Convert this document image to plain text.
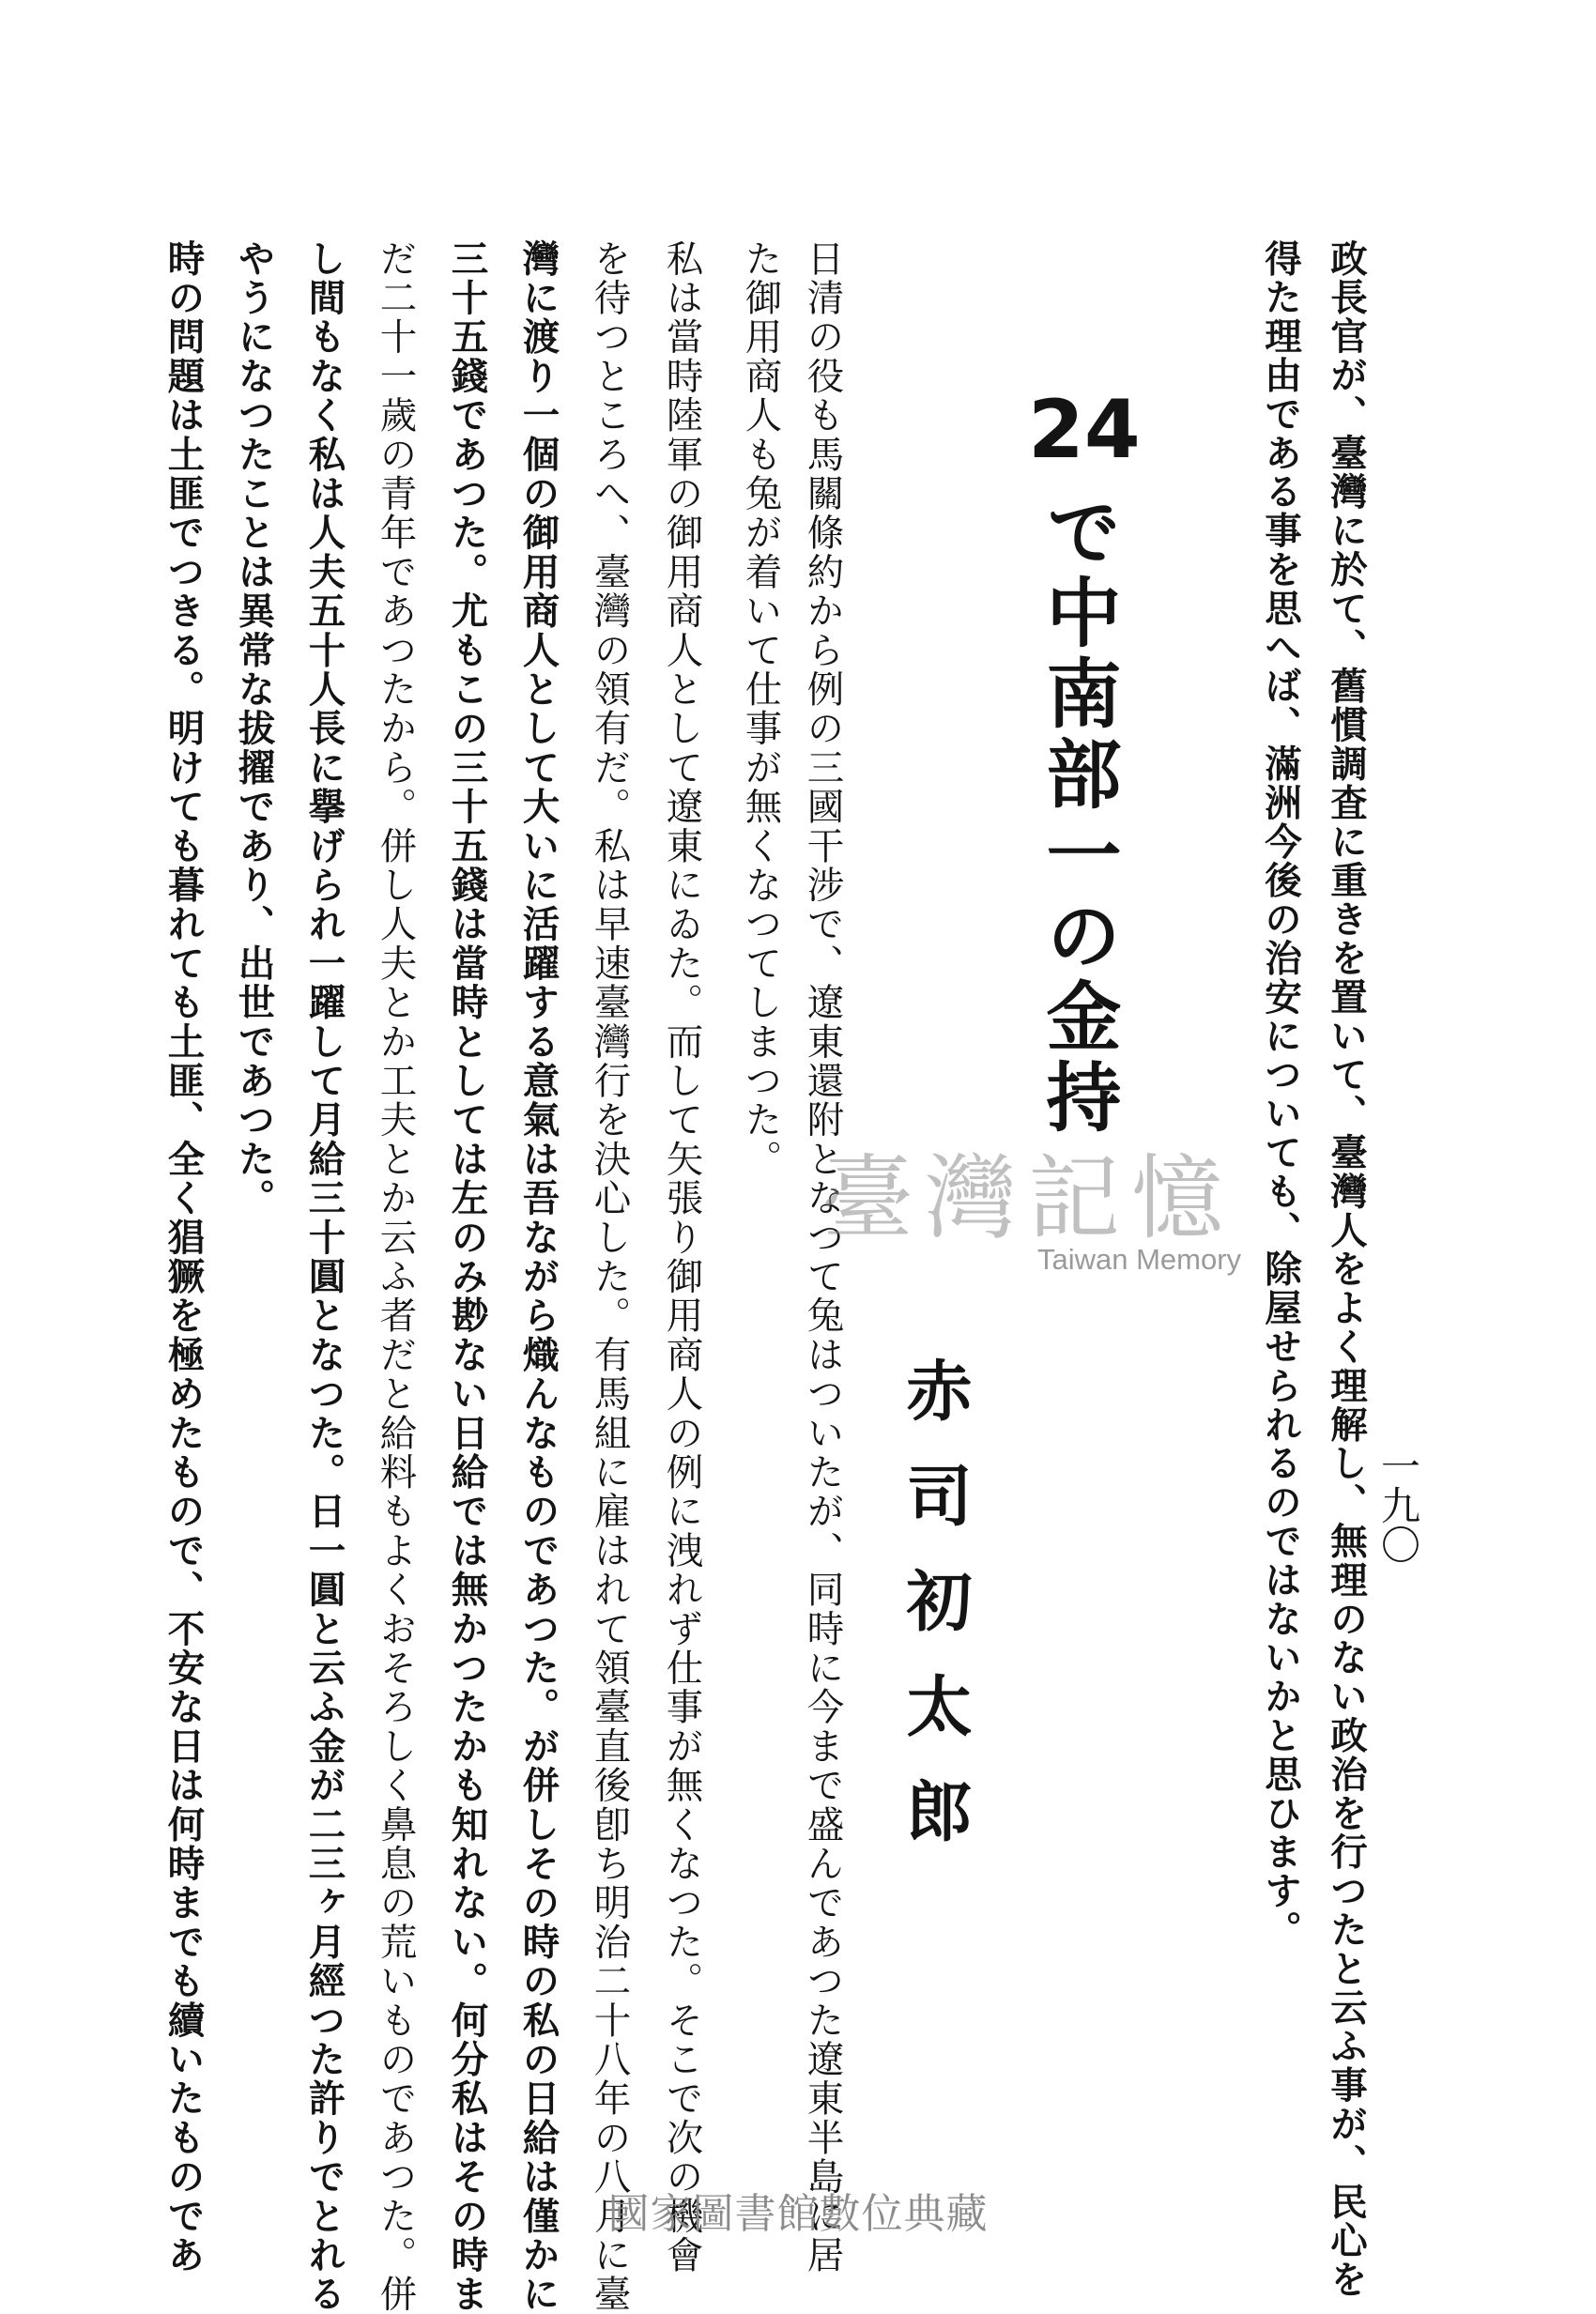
政長官が、臺灣に於て、舊慣調査に重きを置いて、臺灣人をよく理解し、無理のない政治を行つたと云ふ事が、民心を
得た理由である事を思へば、滿洲今後の治安についても、除屋せられるのではないかと思ひます。 一九〇
24
で中南部一の金持
赤司初太郎
日清の役も馬關條約から例の三國干涉で、遼東還附となつて兔はついたが、同時に今まで盛んであつた遼東半島に居
た御用商人も兔が着いて仕事が無くなつてしまつた。
私は當時陸軍の御用商人として遼東にゐた。而して矢張り御用商人の例に洩れず仕事が無くなつた。そこで次の機會
を待つところへ、臺灣の領有だ。私は早速臺灣行を決心した。有馬組に雇はれて領臺直後卽ち明治二十八年の八月に臺
灣に渡り一個の御用商人として大いに活躍する意氣は吾ながら熾んなものであつた。が併しその時の私の日給は僅かに
三十五錢であつた。尤もこの三十五錢は當時としては左のみ尠ない日給では無かつたかも知れない。何分私はその時ま
だ二十一歲の青年であつたから。併し人夫とか工夫とか云ふ者だと給料もよくおそろしく鼻息の荒いものであつた。併
し間もなく私は人夫五十人長に擧げられ一躍して月給三十圓となつた。日一圓と云ふ金が二三ヶ月經つた許りでとれる
やうになつたことは異常な拔擢であり、出世であつた。
時の問題は土匪でつきる。明けても暮れても土匪、全く猖獗を極めたもので、不安な日は何時までも續いたものであ	臺灣記憶
Taiwan Memory
國家圖書館數位典藏
